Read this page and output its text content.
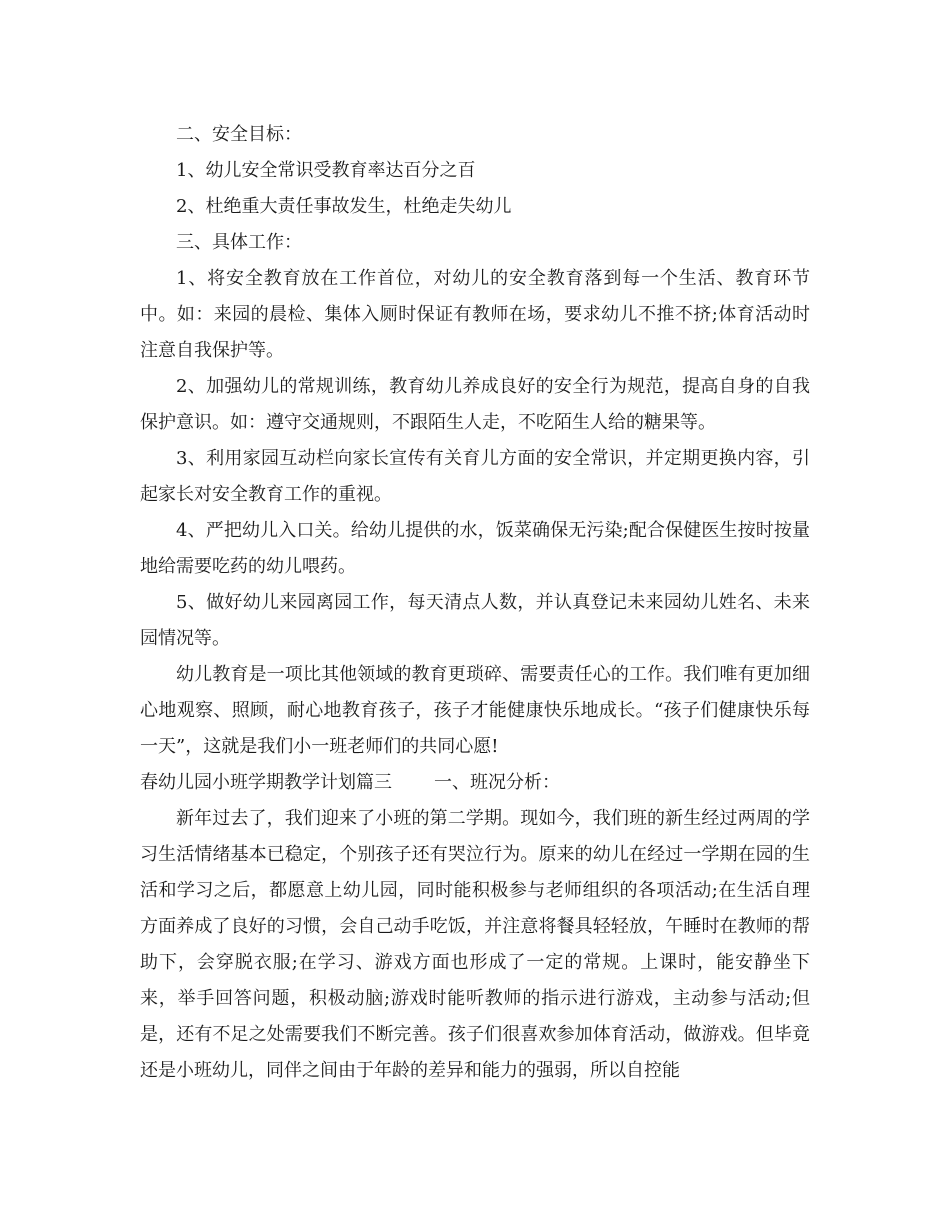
二、安全目标：

1、幼儿安全常识受教育率达百分之百

2、杜绝重大责任事故发生，杜绝走失幼儿

三、具体工作：

1、将安全教育放在工作首位，对幼儿的安全教育落到每一个生活、教育环节中。如：来园的晨检、集体入厕时保证有教师在场，要求幼儿不推不挤;体育活动时注意自我保护等。

2、加强幼儿的常规训练，教育幼儿养成良好的安全行为规范，提高自身的自我保护意识。如：遵守交通规则，不跟陌生人走，不吃陌生人给的糖果等。

3、利用家园互动栏向家长宣传有关育儿方面的安全常识，并定期更换内容，引起家长对安全教育工作的重视。

4、严把幼儿入口关。给幼儿提供的水，饭菜确保无污染;配合保健医生按时按量地给需要吃药的幼儿喂药。

5、做好幼儿来园离园工作，每天清点人数，并认真登记未来园幼儿姓名、未来园情况等。

幼儿教育是一项比其他领域的教育更琐碎、需要责任心的工作。我们唯有更加细心地观察、照顾，耐心地教育孩子，孩子才能健康快乐地成长。“孩子们健康快乐每一天”，这就是我们小一班老师们的共同心愿!

春幼儿园小班学期教学计划篇三 一、班况分析：

新年过去了，我们迎来了小班的第二学期。现如今，我们班的新生经过两周的学习生活情绪基本已稳定，个别孩子还有哭泣行为。原来的幼儿在经过一学期在园的生活和学习之后，都愿意上幼儿园，同时能积极参与老师组织的各项活动;在生活自理方面养成了良好的习惯，会自己动手吃饭，并注意将餐具轻轻放，午睡时在教师的帮助下，会穿脱衣服;在学习、游戏方面也形成了一定的常规。上课时，能安静坐下来，举手回答问题，积极动脑;游戏时能听教师的指示进行游戏，主动参与活动;但是，还有不足之处需要我们不断完善。孩子们很喜欢参加体育活动，做游戏。但毕竟还是小班幼儿，同伴之间由于年龄的差异和能力的强弱，所以自控能
